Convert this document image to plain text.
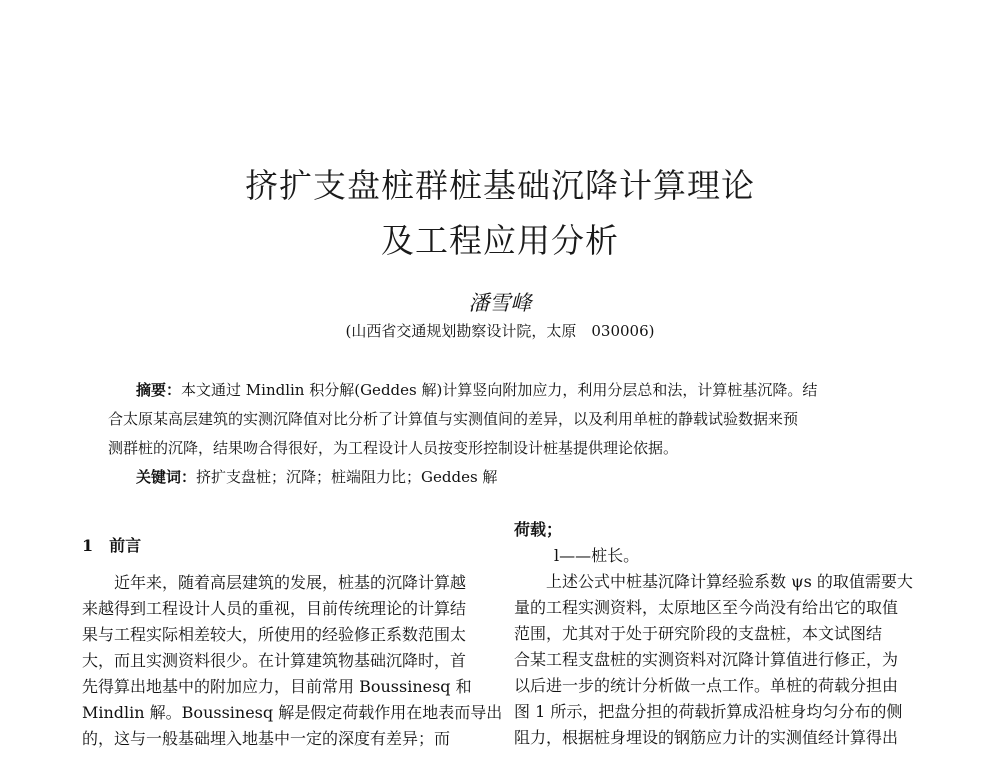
挤扩支盘桩群桩基础沉降计算理论
及工程应用分析
潘雪峰
(山西省交通规划勘察设计院，太原　030006)
摘要：本文通过 Mindlin 积分解(Geddes 解)计算竖向附加应力，利用分层总和法，计算桩基沉降。结
合太原某高层建筑的实测沉降值对比分析了计算值与实测值间的差异，以及利用单桩的静载试验数据来预
测群桩的沉降，结果吻合得很好，为工程设计人员按变形控制设计桩基提供理论依据。
关键词：挤扩支盘桩；沉降；桩端阻力比；Geddes 解
1　前言
近年来，随着高层建筑的发展，桩基的沉降计算越
来越得到工程设计人员的重视，目前传统理论的计算结
果与工程实际相差较大，所使用的经验修正系数范围太
大，而且实测资料很少。在计算建筑物基础沉降时，首
先得算出地基中的附加应力，目前常用 Boussinesq 和
Mindlin 解。Boussinesq 解是假定荷载作用在地表而导出
的，这与一般基础埋入地基中一定的深度有差异；而
荷载；
l——桩长。
上述公式中桩基沉降计算经验系数 ψs 的取值需要大
量的工程实测资料，太原地区至今尚没有给出它的取值
范围，尤其对于处于研究阶段的支盘桩，本文试图结
合某工程支盘桩的实测资料对沉降计算值进行修正，为
以后进一步的统计分析做一点工作。单桩的荷载分担由
图 1 所示，把盘分担的荷载折算成沿桩身均匀分布的侧
阻力，根据桩身埋设的钢筋应力计的实测值经计算得出
